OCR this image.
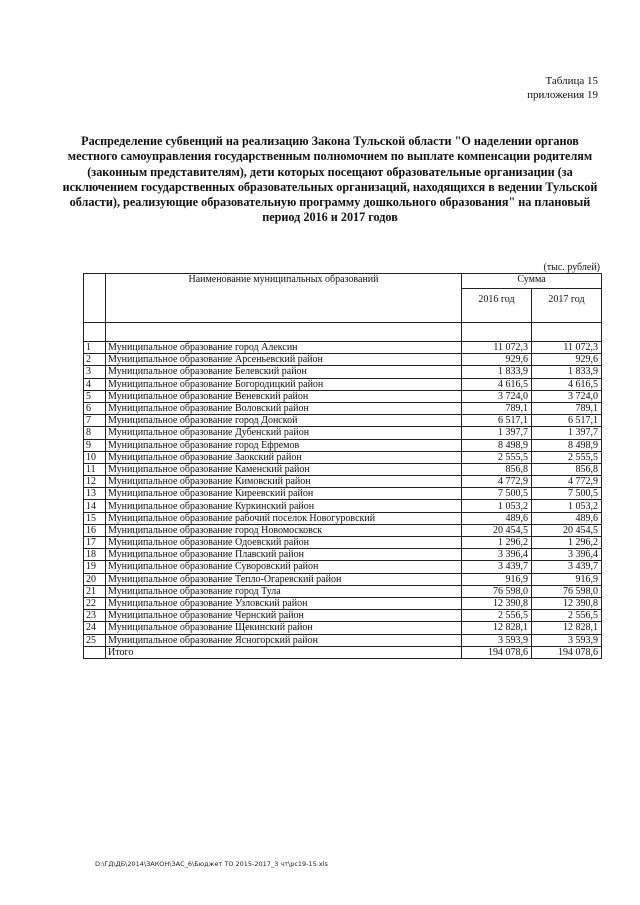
Таблица 15
приложения 19
Распределение субвенций на реализацию Закона Тульской области "О наделении органов местного самоуправления государственным полномочием по выплате компенсации родителям (законным представителям), дети которых посещают образовательные организации (за исключением государственных образовательных организаций, находящихся в ведении Тульской области), реализующие образовательную программу дошкольного образования" на плановый период 2016 и 2017 годов
(тыс. рублей)
	Наименование муниципальных образований	Сумма	
		2016 год	2017 год

1	Муниципальное образование город Алексин	11 072,3	11 072,3
2	Муниципальное образование Арсеньевский район	929,6	929,6
3	Муниципальное образование Белевский район	1 833,9	1 833,9
4	Муниципальное образование Богородицкий район	4 616,5	4 616,5
5	Муниципальное образование Веневский район	3 724,0	3 724,0
6	Муниципальное образование Воловский район	789,1	789,1
7	Муниципальное образование город Донской	6 517,1	6 517,1
8	Муниципальное образование Дубенский район	1 397,7	1 397,7
9	Муниципальное образование город Ефремов	8 498,9	8 498,9
10	Муниципальное образование Заокский район	2 555,5	2 555,5
11	Муниципальное образование Каменский район	856,8	856,8
12	Муниципальное образование Кимовский район	4 772,9	4 772,9
13	Муниципальное образование Киреевский район	7 500,5	7 500,5
14	Муниципальное образование Куркинский район	1 053,2	1 053,2
15	Муниципальное образование рабочий поселок Новогуровский	489,6	489,6
16	Муниципальное образование город Новомосковск	20 454,5	20 454,5
17	Муниципальное образование Одоевский район	1 296,2	1 296,2
18	Муниципальное образование Плавский район	3 396,4	3 396,4
19	Муниципальное образование Суворовский район	3 439,7	3 439,7
20	Муниципальное образование Тепло-Огаревский район	916,9	916,9
21	Муниципальное образование город Тула	76 598,0	76 598,0
22	Муниципальное образование Узловский район	12 390,8	12 390,8
23	Муниципальное образование Чернский район	2 556,5	2 556,5
24	Муниципальное образование Щекинский район	12 828,1	12 828,1
25	Муниципальное образование Ясногорский район	3 593,9	3 593,9
	Итого	194 078,6	194 078,6
D:\ГД\ДБ\2014\ЗАКОН\ЗАС_6\Бюджет ТО 2015-2017_3 чт\рс19-15.xls
